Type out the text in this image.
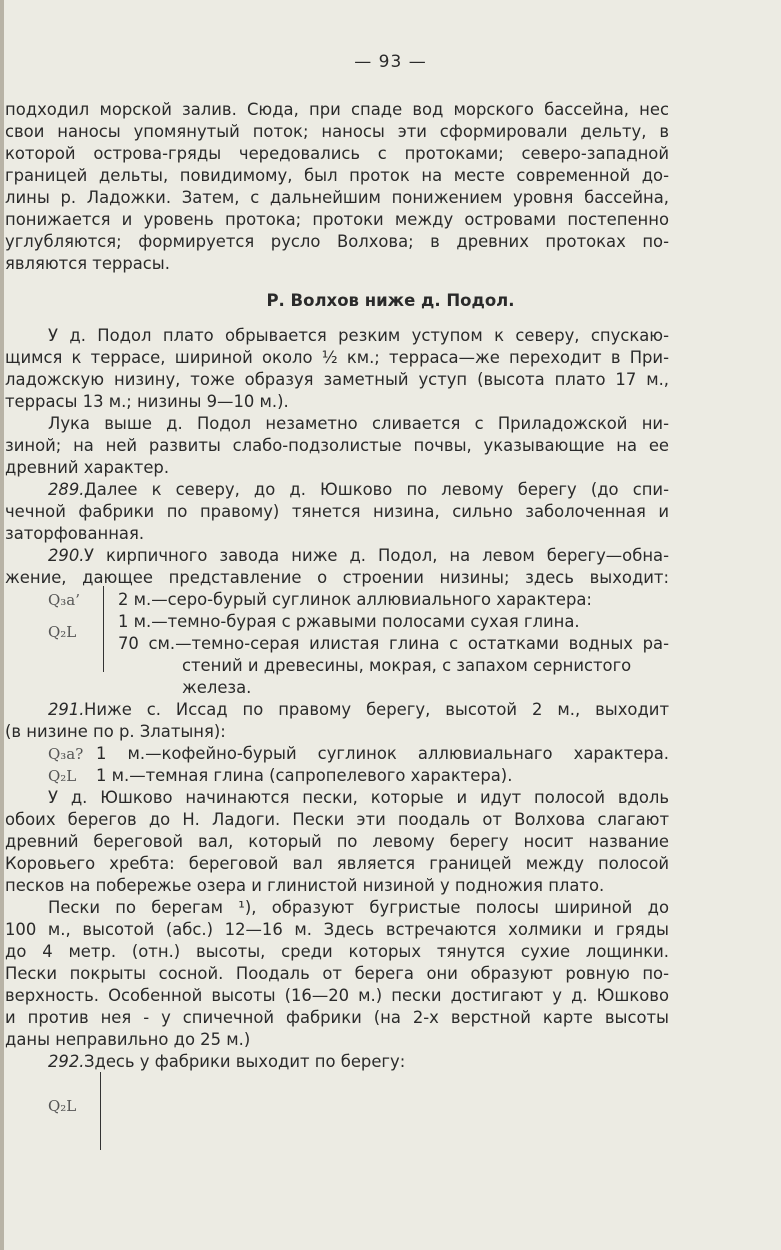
— 93 —
подходил морской залив. Сюда, при спаде вод морского бассейна, нес
свои наносы упомянутый поток; наносы эти сформировали дельту, в
которой острова-гряды чередовались с протоками; северо-западной
границей дельты, повидимому, был проток на месте современной до-
лины р. Ладожки. Затем, с дальнейшим понижением уровня бассейна,
понижается и уровень протока; протоки между островами постепенно
углубляются; формируется русло Волхова; в древних протоках по-
являются террасы.
Р. Волхов ниже д. Подол.
У д. Подол плато обрывается резким уступом к северу, спускаю-
щимся к террасе, шириной около ½ км.; терраса—же переходит в При-
ладожскую низину, тоже образуя заметный уступ (высота плато 17 м.,
террасы 13 м.; низины 9—10 м.).
Лука выше д. Подол незаметно сливается с Приладожской ни-
зиной; на ней развиты слабо-подзолистые почвы, указывающие на ее
древний характер.
289. Далее к северу, до д. Юшково по левому берегу (до спи-
чечной фабрики по правому) тянется низина, сильно заболоченная и
заторфованная.
290. У кирпичного завода ниже д. Подол, на левом берегу—обна-
жение, дающее представление о строении низины; здесь выходит:
Q₃a’ 2 м.—серо-бурый суглинок аллювиального характера:
Q₂L
1 м.—темно-бурая с ржавыми полосами сухая глина.
70 см.—темно-серая илистая глина с остатками водных ра-
стений и древесины, мокрая, с запахом сернистого
железа.
291. Ниже с. Иссад по правому берегу, высотой 2 м., выходит
(в низине по р. Златыня):
Q₃a? 1 м.—кофейно-бурый суглинок аллювиальнаго характера.
Q₂L 1 м.—темная глина (сапропелевого характера).
У д. Юшково начинаются пески, которые и идут полосой вдоль
обоих берегов до Н. Ладоги. Пески эти поодаль от Волхова слагают
древний береговой вал, который по левому берегу носит название
Коровьего хребта: береговой вал является границей между полосой
песков на побережье озера и глинистой низиной у подножия плато.
Пески по берегам ¹), образуют бугристые полосы шириной до
100 м., высотой (абс.) 12—16 м. Здесь встречаются холмики и гряды
до 4 метр. (отн.) высоты, среди которых тянутся сухие лощинки.
Пески покрыты сосной. Поодаль от берега они образуют ровную по-
верхность. Особенной высоты (16—20 м.) пески достигают у д. Юшково
и против нея - у спичечной фабрики (на 2-х верстной карте высоты
даны неправильно до 25 м.)
292. Здесь у фабрики выходит по берегу:
Q₂L
